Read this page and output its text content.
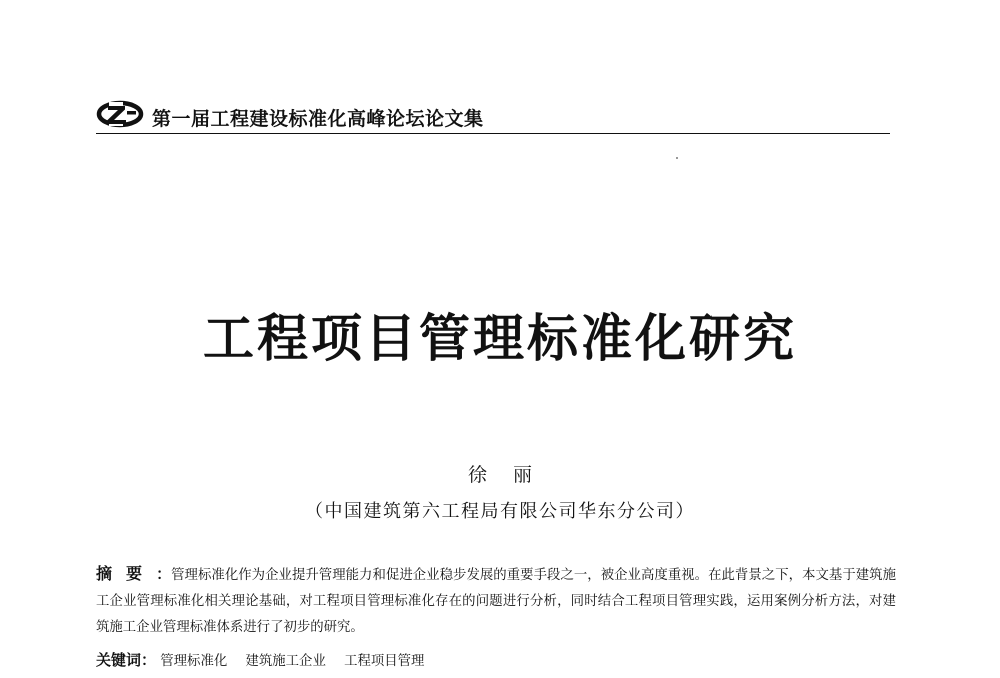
第一届工程建设标准化高峰论坛论文集
工程项目管理标准化研究
徐丽
（中国建筑第六工程局有限公司华东分公司）
摘要：管理标准化作为企业提升管理能力和促进企业稳步发展的重要手段之一，被企业高度重视。在此背景之下，本文基于建筑施工企业管理标准化相关理论基础，对工程项目管理标准化存在的问题进行分析，同时结合工程项目管理实践，运用案例分析方法，对建筑施工企业管理标准体系进行了初步的研究。
关键词： 管理标准化 建筑施工企业 工程项目管理
